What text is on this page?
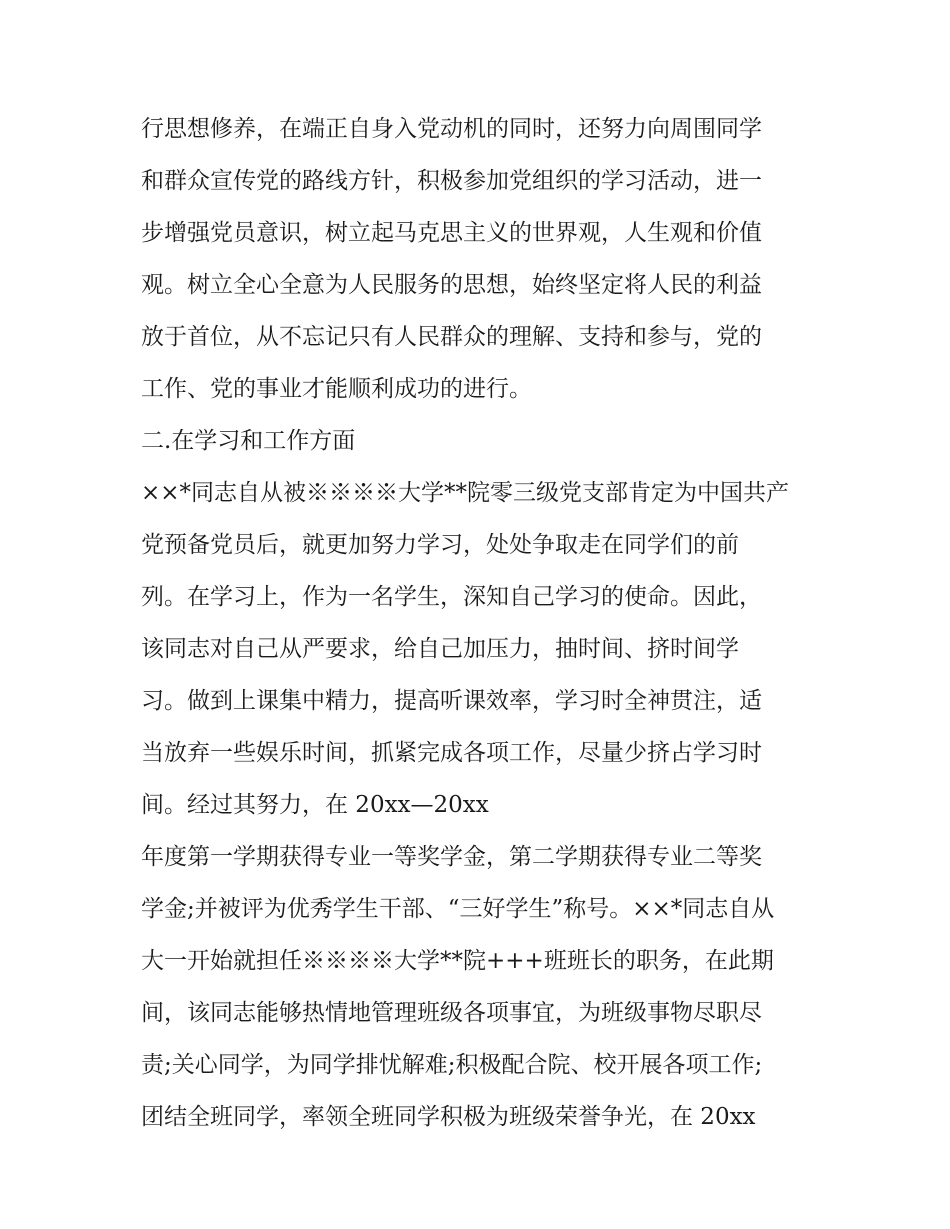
行思想修养，在端正自身入党动机的同时，还努力向周围同学
和群众宣传党的路线方针，积极参加党组织的学习活动，进一
步增强党员意识，树立起马克思主义的世界观，人生观和价值
观。树立全心全意为人民服务的思想，始终坚定将人民的利益
放于首位，从不忘记只有人民群众的理解、支持和参与，党的
工作、党的事业才能顺利成功的进行。
二.在学习和工作方面
××*同志自从被※※※※大学**院零三级党支部肯定为中国共产
党预备党员后，就更加努力学习，处处争取走在同学们的前
列。在学习上，作为一名学生，深知自己学习的使命。因此，
该同志对自己从严要求，给自己加压力，抽时间、挤时间学
习。做到上课集中精力，提高听课效率，学习时全神贯注，适
当放弃一些娱乐时间，抓紧完成各项工作，尽量少挤占学习时
间。经过其努力，在 20xx—20xx
年度第一学期获得专业一等奖学金，第二学期获得专业二等奖
学金;并被评为优秀学生干部、“三好学生”称号。××*同志自从
大一开始就担任※※※※大学**院+++班班长的职务，在此期
间，该同志能够热情地管理班级各项事宜，为班级事物尽职尽
责;关心同学，为同学排忧解难;积极配合院、校开展各项工作;
团结全班同学，率领全班同学积极为班级荣誉争光，在 20xx
